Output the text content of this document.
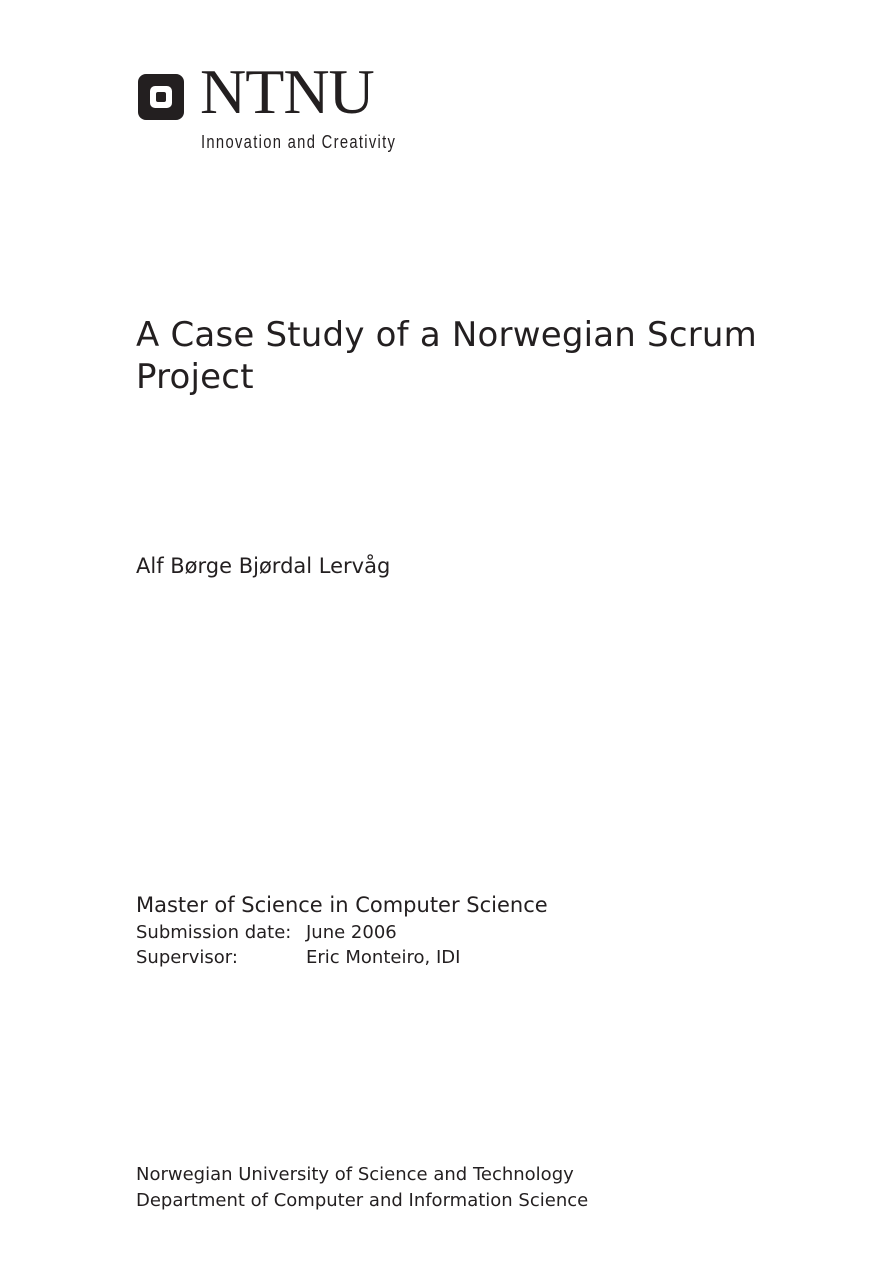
NTNU
Innovation and Creativity
A Case Study of a Norwegian Scrum
Project
Alf Børge Bjørdal Lervåg
Master of Science in Computer Science
Submission date: June 2006
Supervisor:	Eric Monteiro, IDI
Norwegian University of Science and Technology
Department of Computer and Information Science
